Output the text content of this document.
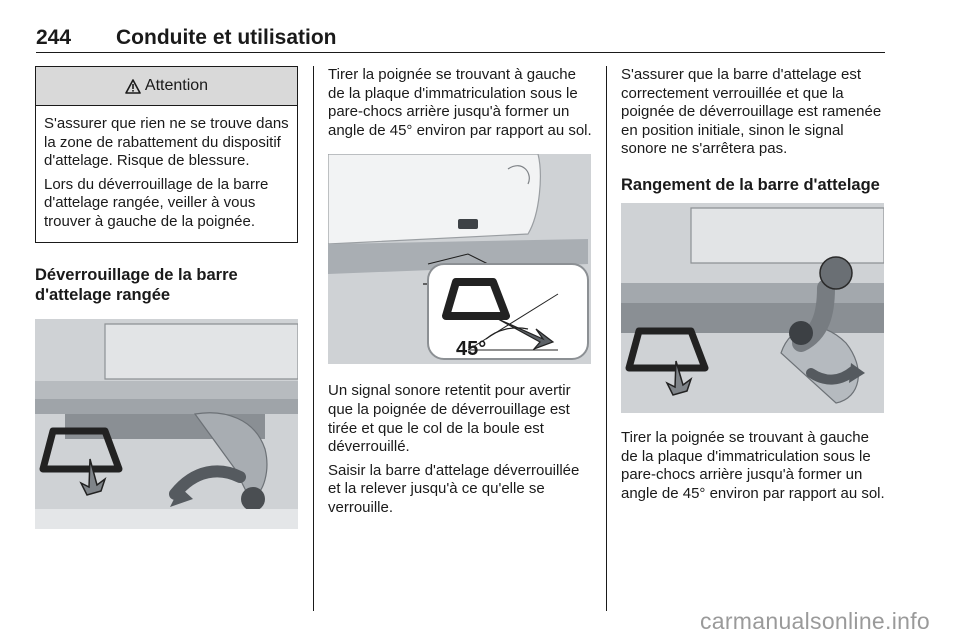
244 Conduite et utilisation
Attention

S'assurer que rien ne se trouve dans la zone de rabattement du dispositif d'attelage. Risque de blessure.

Lors du déverrouillage de la barre d'attelage rangée, veiller à vous trouver à gauche de la poignée.

Déverrouillage de la barre d'attelage rangée

Tirer la poignée se trouvant à gauche de la plaque d'immatriculation sous le pare-chocs arrière jusqu'à former un angle de 45° environ par rapport au sol.

45°

Un signal sonore retentit pour avertir que la poignée de déverrouillage est tirée et que le col de la boule est déverrouillé.

Saisir la barre d'attelage déverrouillée et la relever jusqu'à ce qu'elle se verrouille.

S'assurer que la barre d'attelage est correctement verrouillée et que la poignée de déverrouillage est ramenée en position initiale, sinon le signal sonore ne s'arrêtera pas.

Rangement de la barre d'attelage

Tirer la poignée se trouvant à gauche de la plaque d'immatriculation sous le pare-chocs arrière jusqu'à former un angle de 45° environ par rapport au sol.

carmanualsonline.info
